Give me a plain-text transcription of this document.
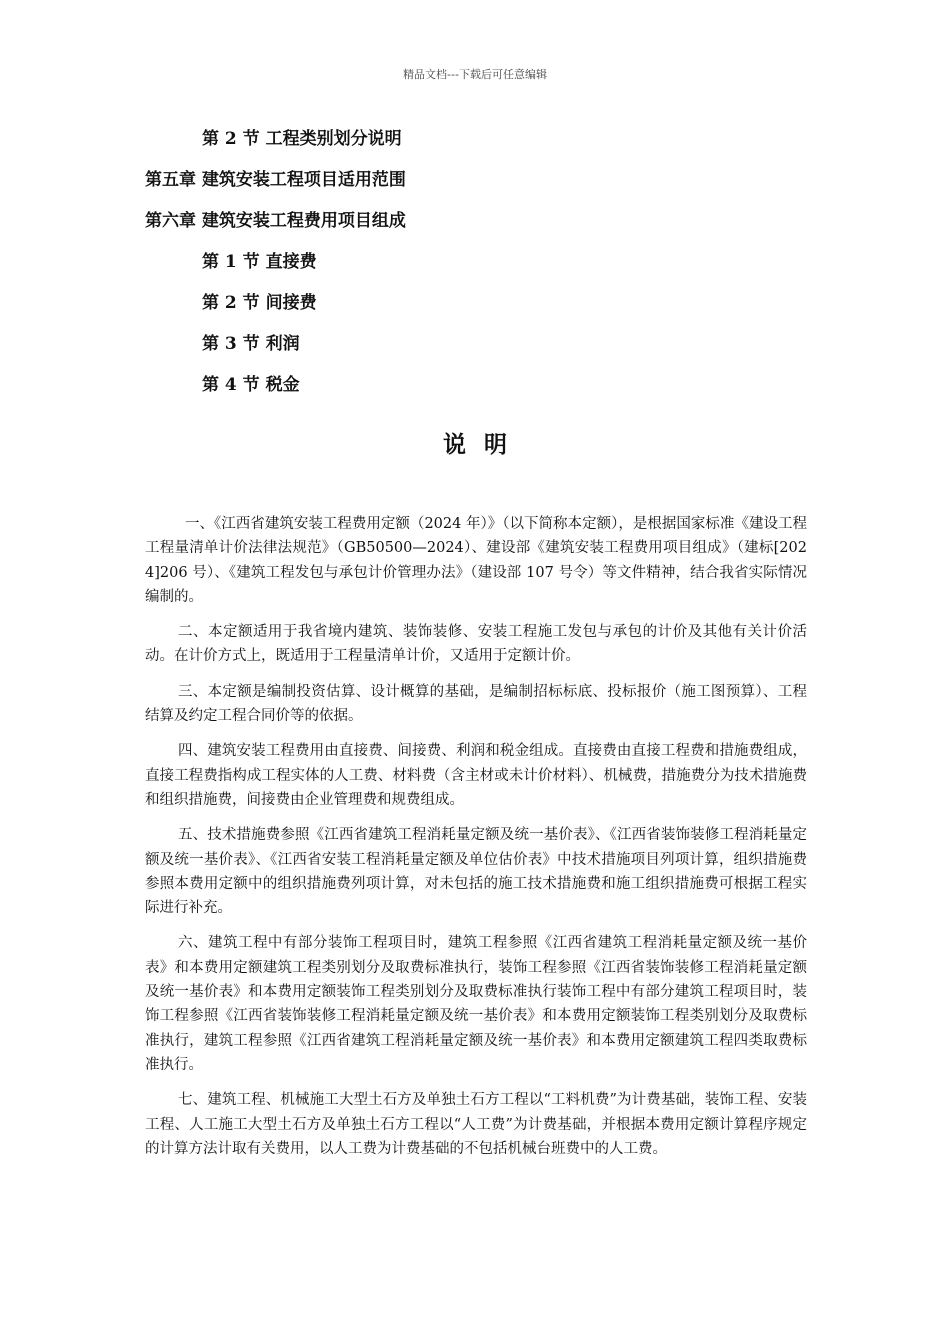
精品文档---下载后可任意编辑
第 2 节 工程类别划分说明
第五章 建筑安装工程项目适用范围
第六章 建筑安装工程费用项目组成
第 1 节 直接费
第 2 节 间接费
第 3 节 利润
第 4 节 税金
说明

一、《江西省建筑安装工程费用定额（2024 年）》（以下简称本定额），是根据国家标准《建设工程工程量清单计价法律法规范》（GB50500—2024）、建设部《建筑安装工程费用项目组成》（建标[2024]206 号）、《建筑工程发包与承包计价管理办法》（建设部 107 号令）等文件精神，结合我省实际情况编制的。

二、本定额适用于我省境内建筑、装饰装修、安装工程施工发包与承包的计价及其他有关计价活动。在计价方式上，既适用于工程量清单计价，又适用于定额计价。

三、本定额是编制投资估算、设计概算的基础，是编制招标标底、投标报价（施工图预算）、工程结算及约定工程合同价等的依据。

四、建筑安装工程费用由直接费、间接费、利润和税金组成。直接费由直接工程费和措施费组成，直接工程费指构成工程实体的人工费、材料费（含主材或未计价材料）、机械费，措施费分为技术措施费和组织措施费，间接费由企业管理费和规费组成。

五、技术措施费参照《江西省建筑工程消耗量定额及统一基价表》、《江西省装饰装修工程消耗量定额及统一基价表》、《江西省安装工程消耗量定额及单位估价表》中技术措施项目列项计算，组织措施费参照本费用定额中的组织措施费列项计算，对未包括的施工技术措施费和施工组织措施费可根据工程实际进行补充。

六、建筑工程中有部分装饰工程项目时，建筑工程参照《江西省建筑工程消耗量定额及统一基价表》和本费用定额建筑工程类别划分及取费标准执行，装饰工程参照《江西省装饰装修工程消耗量定额及统一基价表》和本费用定额装饰工程类别划分及取费标准执行装饰工程中有部分建筑工程项目时，装饰工程参照《江西省装饰装修工程消耗量定额及统一基价表》和本费用定额装饰工程类别划分及取费标准执行，建筑工程参照《江西省建筑工程消耗量定额及统一基价表》和本费用定额建筑工程四类取费标准执行。

七、建筑工程、机械施工大型土石方及单独土石方工程以“工料机费”为计费基础，装饰工程、安装工程、人工施工大型土石方及单独土石方工程以“人工费”为计费基础，并根据本费用定额计算程序规定的计算方法计取有关费用，以人工费为计费基础的不包括机械台班费中的人工费。
